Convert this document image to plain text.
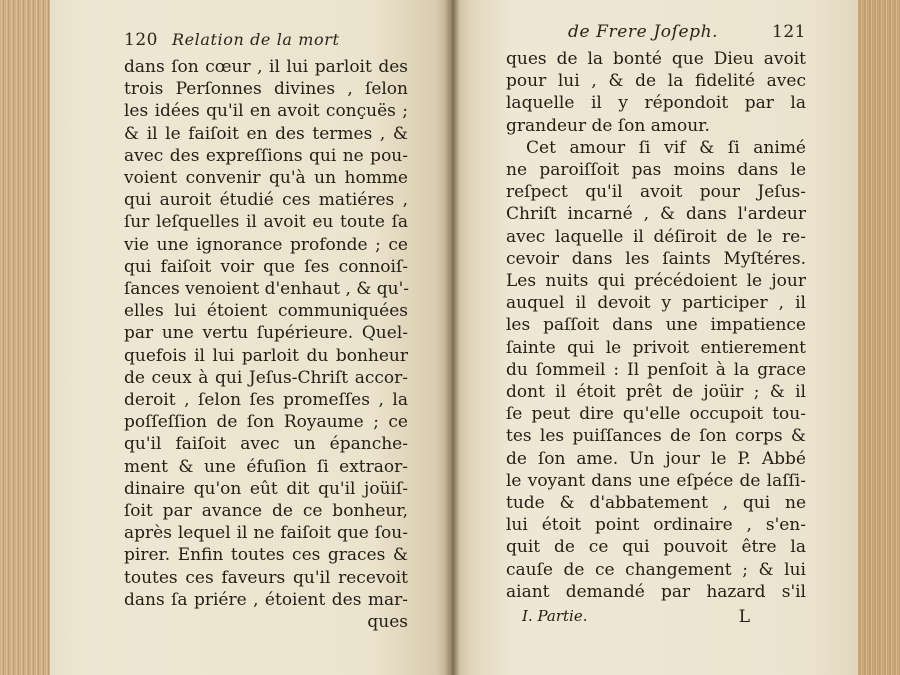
120 Relation de la mort
dans ſon cœur , il lui parloit des
trois Perſonnes divines , ſelon
les idées qu'il en avoit conçuës ;
& il le faiſoit en des termes , &
avec des expreſſions qui ne pou-
voient convenir qu'à un homme
qui auroit étudié ces matiéres ,
ſur leſquelles il avoit eu toute ſa
vie une ignorance profonde ; ce
qui faiſoit voir que ſes connoiſ-
ſances venoient d'enhaut , & qu'-
elles lui étoient communiquées
par une vertu ſupérieure. Quel-
quefois il lui parloit du bonheur
de ceux à qui Jeſus-Chriſt accor-
deroit , ſelon ſes promeſſes , la
poſſeſſion de ſon Royaume ; ce
qu'il faiſoit avec un épanche-
ment & une éfuſion ſi extraor-
dinaire qu'on eût dit qu'il joüiſ-
ſoit par avance de ce bonheur,
après lequel il ne faiſoit que ſou-
pirer. Enfin toutes ces graces &
toutes ces faveurs qu'il recevoit
dans ſa priére , étoient des mar-
ques
de Frere Joſeph.	121
ques de la bonté que Dieu avoit
pour lui , & de la fidelité avec
laquelle il y répondoit par la
grandeur de ſon amour.
Cet amour ſi vif & ſi animé
ne paroiſſoit pas moins dans le
reſpect qu'il avoit pour Jeſus-
Chriſt incarné , & dans l'ardeur
avec laquelle il déſiroit de le re-
cevoir dans les ſaints Myſtéres.
Les nuits qui précédoient le jour
auquel il devoit y participer , il
les paſſoit dans une impatience
ſainte qui le privoit entierement
du ſommeil : Il penſoit à la grace
dont il étoit prêt de joüir ; & il
ſe peut dire qu'elle occupoit tou-
tes les puiſſances de ſon corps &
de ſon ame. Un jour le P. Abbé
le voyant dans une eſpéce de laſſi-
tude & d'abbatement , qui ne
lui étoit point ordinaire , s'en-
quit de ce qui pouvoit être la
cauſe de ce changement ; & lui
aiant demandé par hazard s'il
I. Partie.	L
